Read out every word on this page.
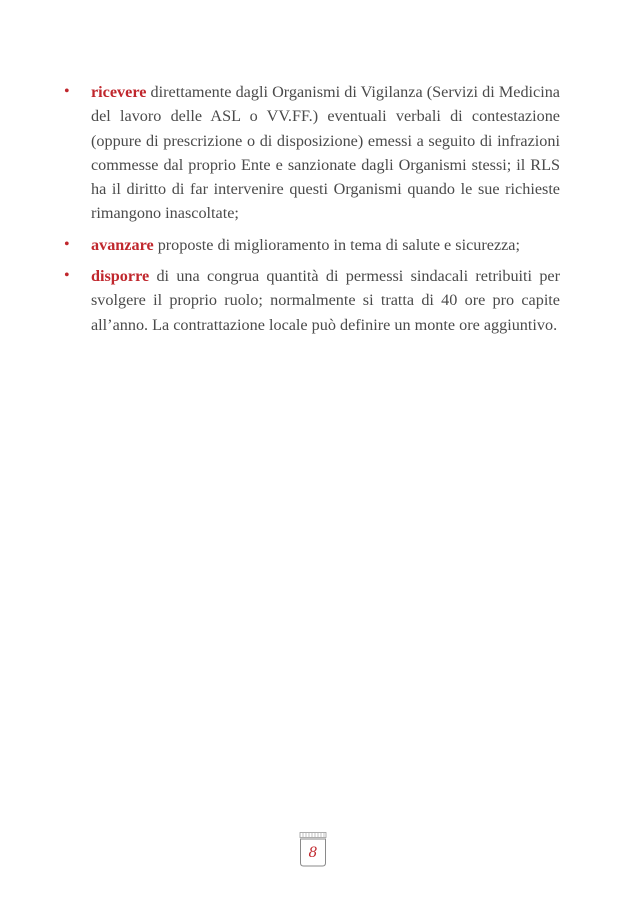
• ricevere direttamente dagli Organismi di Vigilanza (Servizi di Medicina del lavoro delle ASL o VV.FF.) eventuali verbali di contestazione (oppure di prescrizione o di disposizione) emessi a seguito di infrazioni commesse dal proprio Ente e sanzionate dagli Organismi stessi; il RLS ha il diritto di far intervenire questi Organismi quando le sue richieste rimangono inascoltate;
• avanzare proposte di miglioramento in tema di salute e sicurezza;
• disporre di una congrua quantità di permessi sindacali retribuiti per svolgere il proprio ruolo; normalmente si tratta di 40 ore pro capite all’anno. La contrattazione locale può definire un monte ore aggiuntivo.
8
